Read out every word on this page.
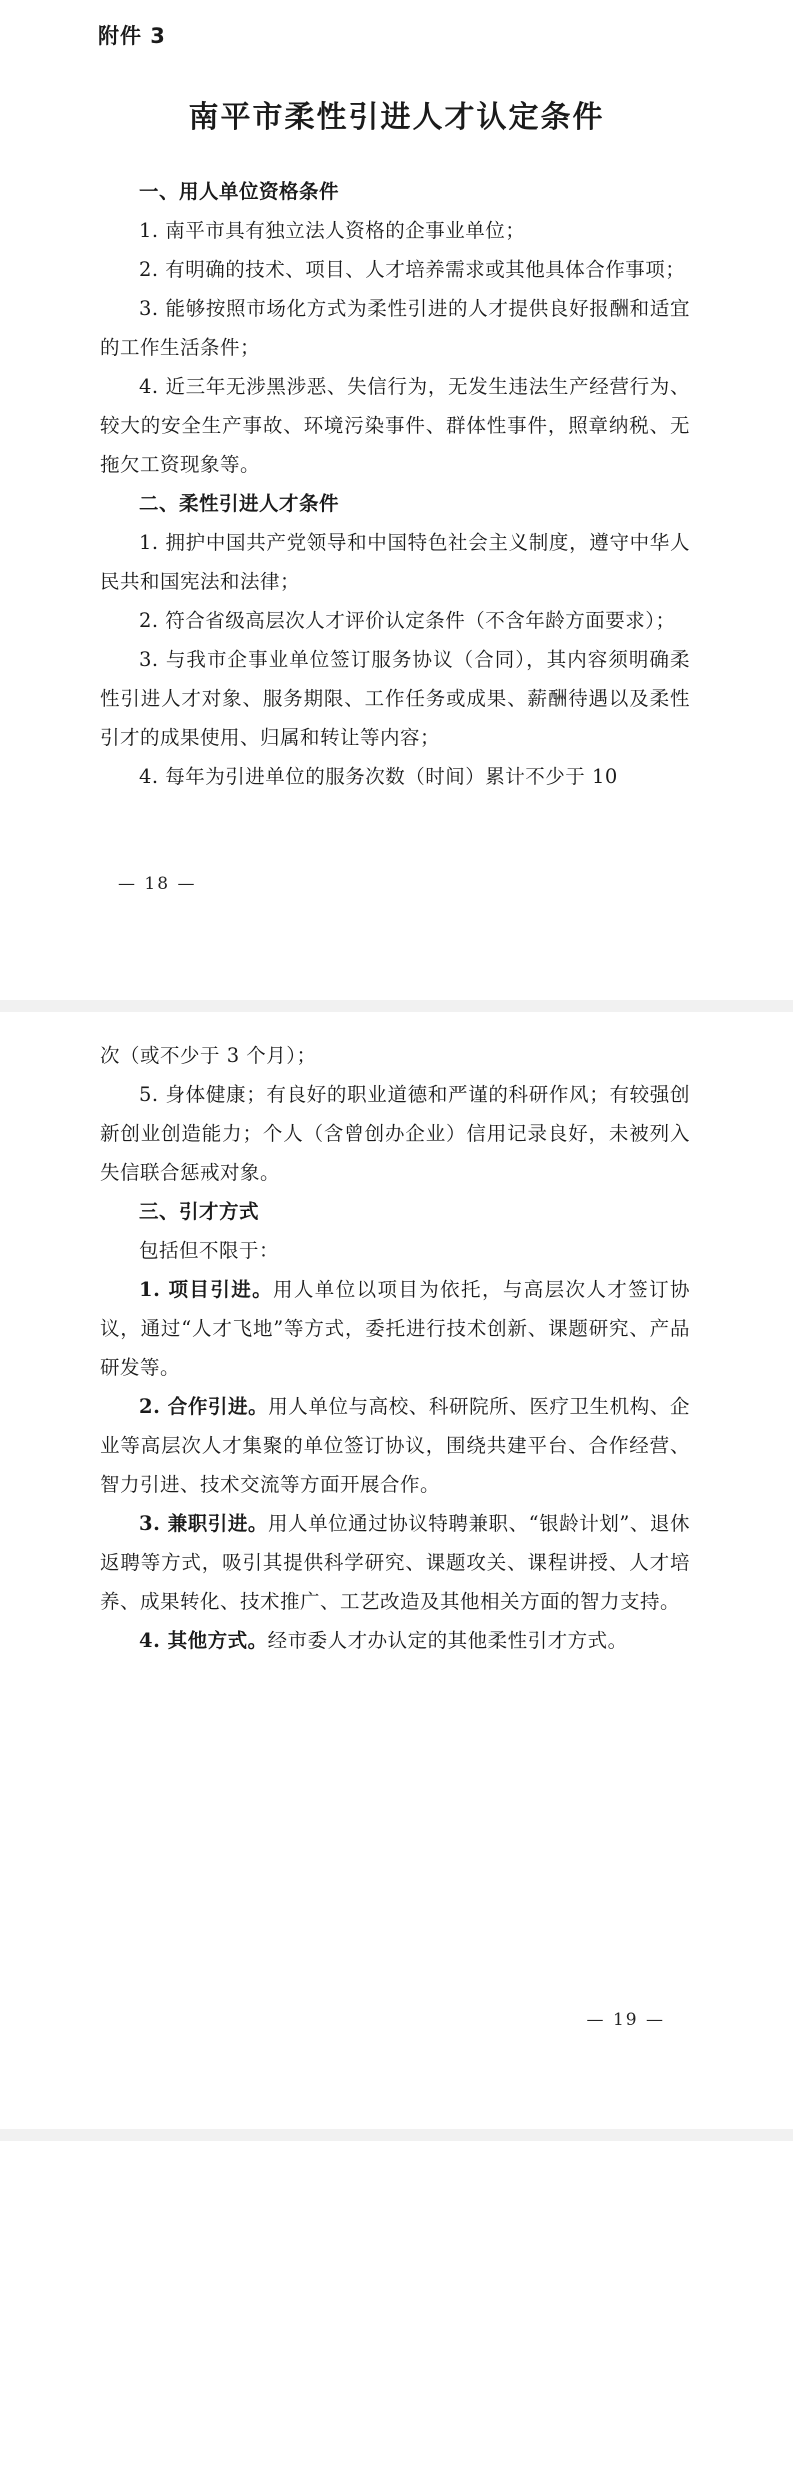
附件 3
南平市柔性引进人才认定条件

一、用人单位资格条件

1. 南平市具有独立法人资格的企事业单位；

2. 有明确的技术、项目、人才培养需求或其他具体合作事项；

3. 能够按照市场化方式为柔性引进的人才提供良好报酬和适宜的工作生活条件；

4. 近三年无涉黑涉恶、失信行为，无发生违法生产经营行为、较大的安全生产事故、环境污染事件、群体性事件，照章纳税、无拖欠工资现象等。

二、柔性引进人才条件

1. 拥护中国共产党领导和中国特色社会主义制度，遵守中华人民共和国宪法和法律；

2. 符合省级高层次人才评价认定条件（不含年龄方面要求）；

3. 与我市企事业单位签订服务协议（合同），其内容须明确柔性引进人才对象、服务期限、工作任务或成果、薪酬待遇以及柔性引才的成果使用、归属和转让等内容；

4. 每年为引进单位的服务次数（时间）累计不少于 10

— 18 —

次（或不少于 3 个月）；

5. 身体健康；有良好的职业道德和严谨的科研作风；有较强创新创业创造能力；个人（含曾创办企业）信用记录良好，未被列入失信联合惩戒对象。

三、引才方式

包括但不限于：

1. 项目引进。用人单位以项目为依托，与高层次人才签订协议，通过“人才飞地”等方式，委托进行技术创新、课题研究、产品研发等。

2. 合作引进。用人单位与高校、科研院所、医疗卫生机构、企业等高层次人才集聚的单位签订协议，围绕共建平台、合作经营、智力引进、技术交流等方面开展合作。

3. 兼职引进。用人单位通过协议特聘兼职、“银龄计划”、退休返聘等方式，吸引其提供科学研究、课题攻关、课程讲授、人才培养、成果转化、技术推广、工艺改造及其他相关方面的智力支持。

4. 其他方式。经市委人才办认定的其他柔性引才方式。

— 19 —
